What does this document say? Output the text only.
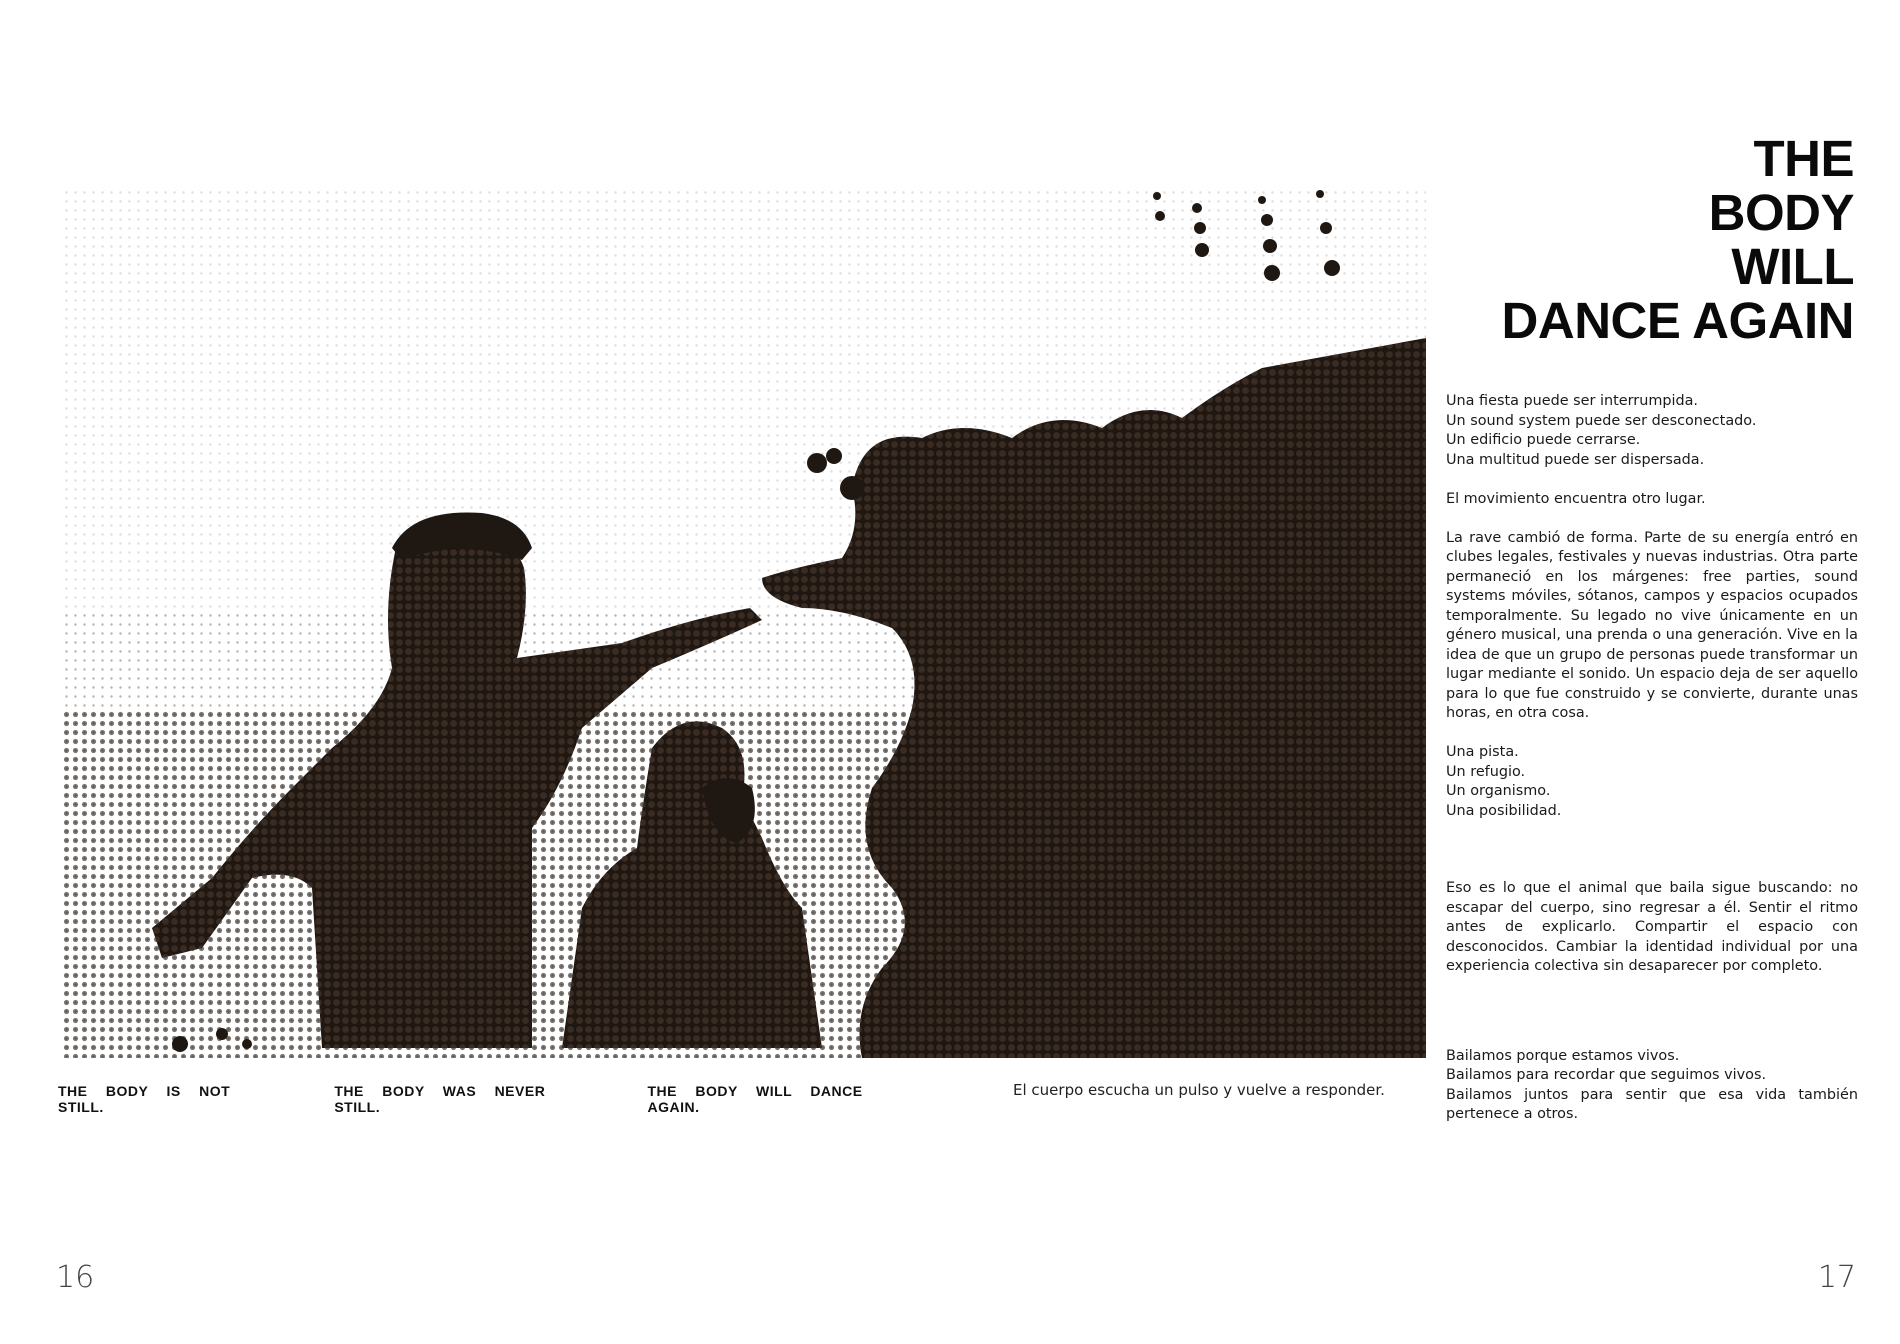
THE BODY IS NOT STILL.
THE BODY WAS NEVER STILL.
THE BODY WILL DANCE AGAIN.
El cuerpo escucha un pulso y vuelve a responder.
16
THE
BODY
WILL
DANCE AGAIN

Una fiesta puede ser interrumpida.

Un sound system puede ser desconectado.

Un edificio puede cerrarse.

Una multitud puede ser dispersada.

El movimiento encuentra otro lugar.

La rave cambió de forma. Parte de su energía entró en clubes legales, festivales y nuevas industrias. Otra parte permaneció en los márgenes: free parties, sound systems móviles, sótanos, campos y espacios ocupados temporalmente. Su legado no vive únicamente en un género musical, una prenda o una generación. Vive en la idea de que un grupo de personas puede transformar un lugar mediante el sonido. Un espacio deja de ser aquello para lo que fue construido y se convierte, durante unas horas, en otra cosa.

Una pista.

Un refugio.

Un organismo.

Una posibilidad.

Eso es lo que el animal que baila sigue buscando: no escapar del cuerpo, sino regresar a él. Sentir el ritmo antes de explicarlo. Compartir el espacio con desconocidos. Cambiar la identidad individual por una experiencia colectiva sin desaparecer por completo.

Bailamos porque estamos vivos.

Bailamos para recordar que seguimos vivos.

Bailamos juntos para sentir que esa vida también pertenece a otros.

17
